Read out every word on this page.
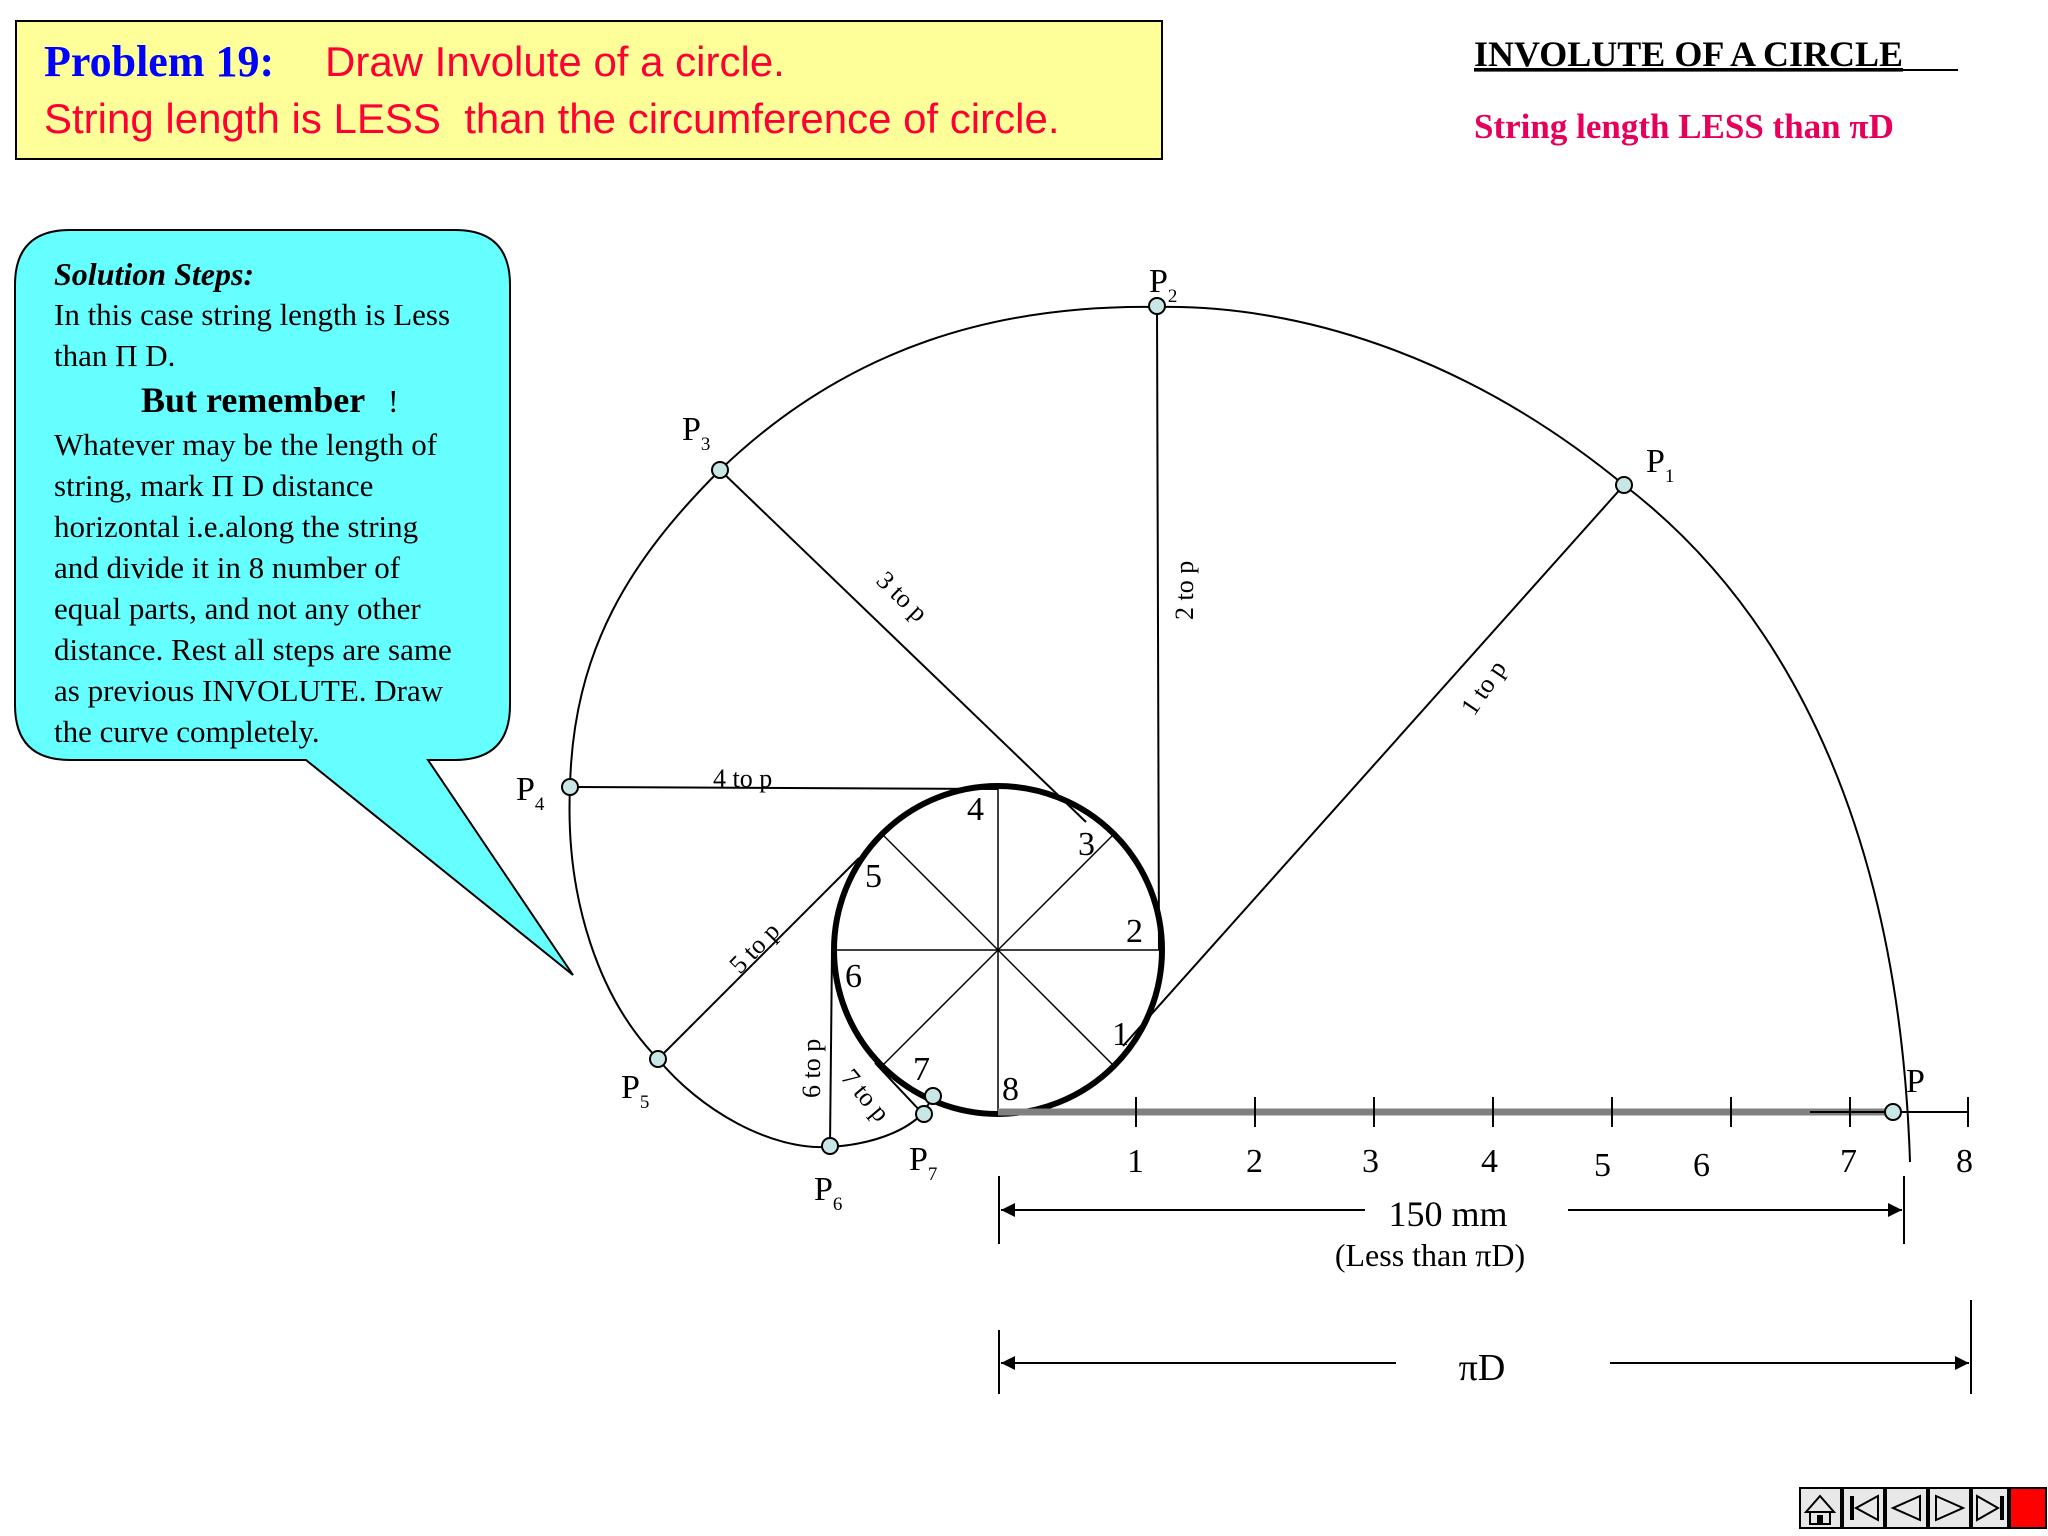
Problem 19: Draw Involute of a circle.
String length is LESS  than the circumference of circle.
INVOLUTE OF A CIRCLE
String length LESS than πD
Solution Steps:
In this case string length is Less
than Π D.
But remember !
Whatever may be the length of
string, mark Π D distance
horizontal i.e.along the string
and divide it in 8 number of
equal parts, and not any other
distance. Rest all steps are same
as previous INVOLUTE. Draw
the curve completely.
P
$P_1$
$P_2$
$P_3$
$P_4$
$P_5$
$P_6$
$P_7$
1
2
3
4
5
6
7
8
1 to p
2 to p
3 to p
4 to p
5 to p
6 to p 7 to p
1	2	3	4	5 6	7	8
150 mm
(Less than πD)
πD
